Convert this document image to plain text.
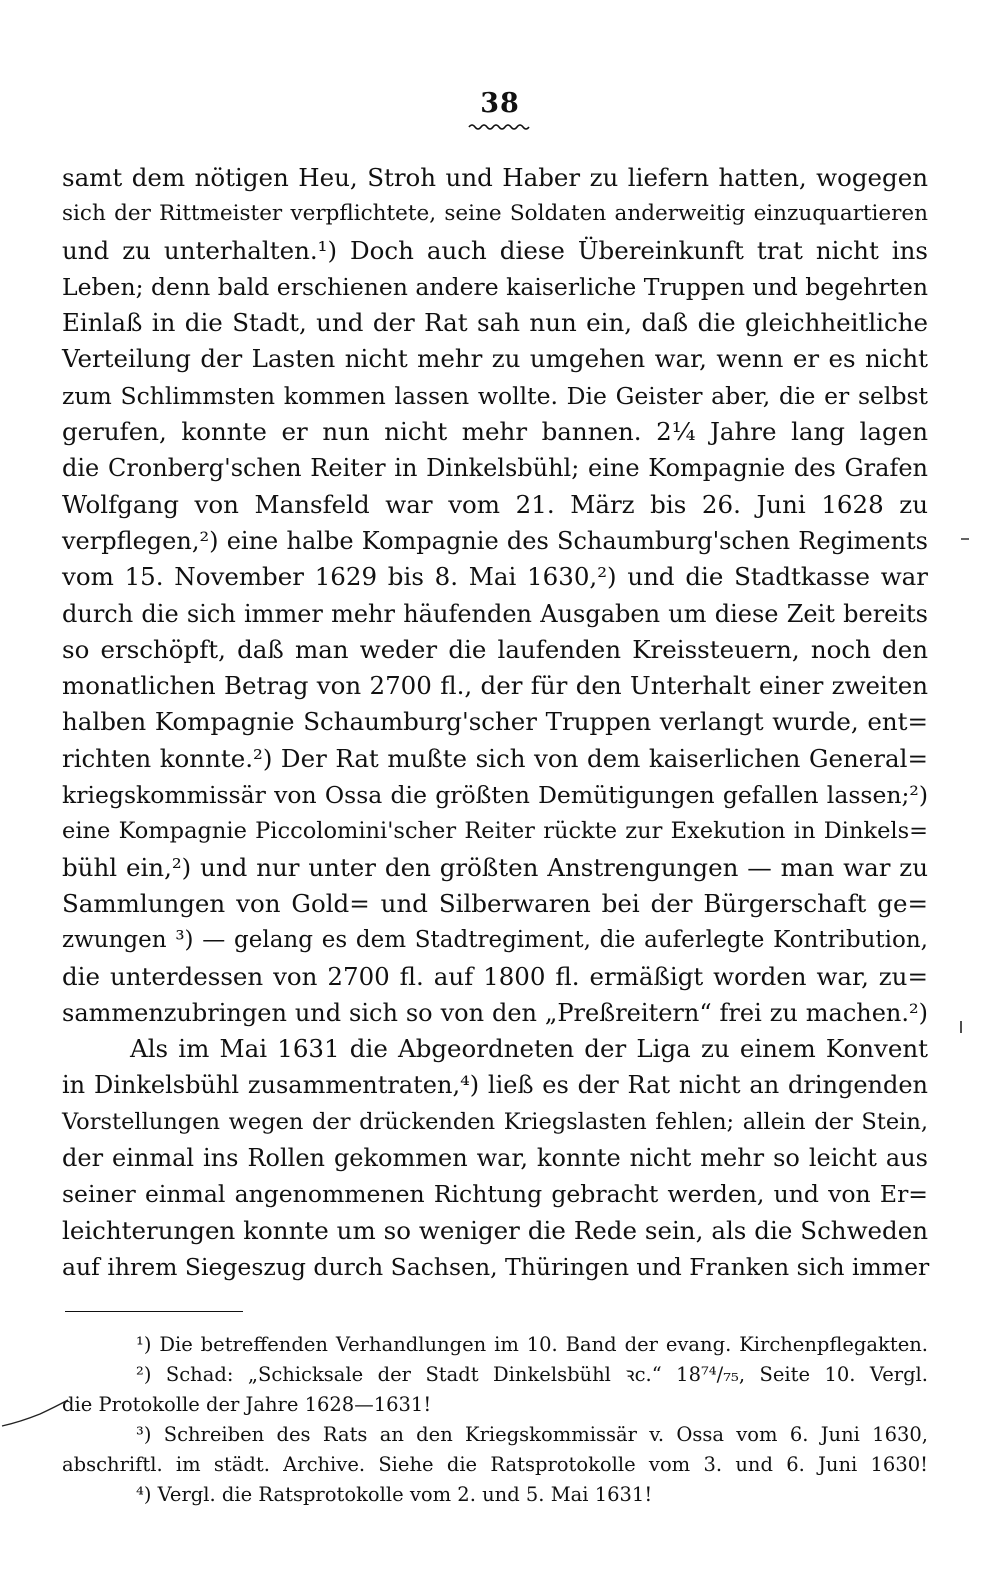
38
samt dem nötigen Heu, Stroh und Haber zu liefern hatten, wogegen
sich der Rittmeister verpflichtete, seine Soldaten anderweitig einzuquartieren
und zu unterhalten.¹) Doch auch diese Übereinkunft trat nicht ins
Leben; denn bald erschienen andere kaiserliche Truppen und begehrten
Einlaß in die Stadt, und der Rat sah nun ein, daß die gleichheitliche
Verteilung der Lasten nicht mehr zu umgehen war, wenn er es nicht
zum Schlimmsten kommen lassen wollte. Die Geister aber, die er selbst
gerufen, konnte er nun nicht mehr bannen. 2¼ Jahre lang lagen
die Cronberg'schen Reiter in Dinkelsbühl; eine Kompagnie des Grafen
Wolfgang von Mansfeld war vom 21. März bis 26. Juni 1628 zu
verpflegen,²) eine halbe Kompagnie des Schaumburg'schen Regiments
vom 15. November 1629 bis 8. Mai 1630,²) und die Stadtkasse war
durch die sich immer mehr häufenden Ausgaben um diese Zeit bereits
so erschöpft, daß man weder die laufenden Kreissteuern, noch den
monatlichen Betrag von 2700 fl., der für den Unterhalt einer zweiten
halben Kompagnie Schaumburg'scher Truppen verlangt wurde, ent=
richten konnte.²) Der Rat mußte sich von dem kaiserlichen General=
kriegskommissär von Ossa die größten Demütigungen gefallen lassen;²)
eine Kompagnie Piccolomini'scher Reiter rückte zur Exekution in Dinkels=
bühl ein,²) und nur unter den größten Anstrengungen — man war zu
Sammlungen von Gold= und Silberwaren bei der Bürgerschaft ge=
zwungen ³) — gelang es dem Stadtregiment, die auferlegte Kontribution,
die unterdessen von 2700 fl. auf 1800 fl. ermäßigt worden war, zu=
sammenzubringen und sich so von den „Preßreitern“ frei zu machen.²)
Als im Mai 1631 die Abgeordneten der Liga zu einem Konvent
in Dinkelsbühl zusammentraten,⁴) ließ es der Rat nicht an dringenden
Vorstellungen wegen der drückenden Kriegslasten fehlen; allein der Stein,
der einmal ins Rollen gekommen war, konnte nicht mehr so leicht aus
seiner einmal angenommenen Richtung gebracht werden, und von Er=
leichterungen konnte um so weniger die Rede sein, als die Schweden
auf ihrem Siegeszug durch Sachsen, Thüringen und Franken sich immer
¹) Die betreffenden Verhandlungen im 10. Band der evang. Kirchenpflegakten.
²) Schad: „Schicksale der Stadt Dinkelsbühl ꝛc.“ 18⁷⁴/₇₅, Seite 10. Vergl.
die Protokolle der Jahre 1628—1631!
³) Schreiben des Rats an den Kriegskommissär v. Ossa vom 6. Juni 1630,
abschriftl. im städt. Archive. Siehe die Ratsprotokolle vom 3. und 6. Juni 1630!
⁴) Vergl. die Ratsprotokolle vom 2. und 5. Mai 1631!
